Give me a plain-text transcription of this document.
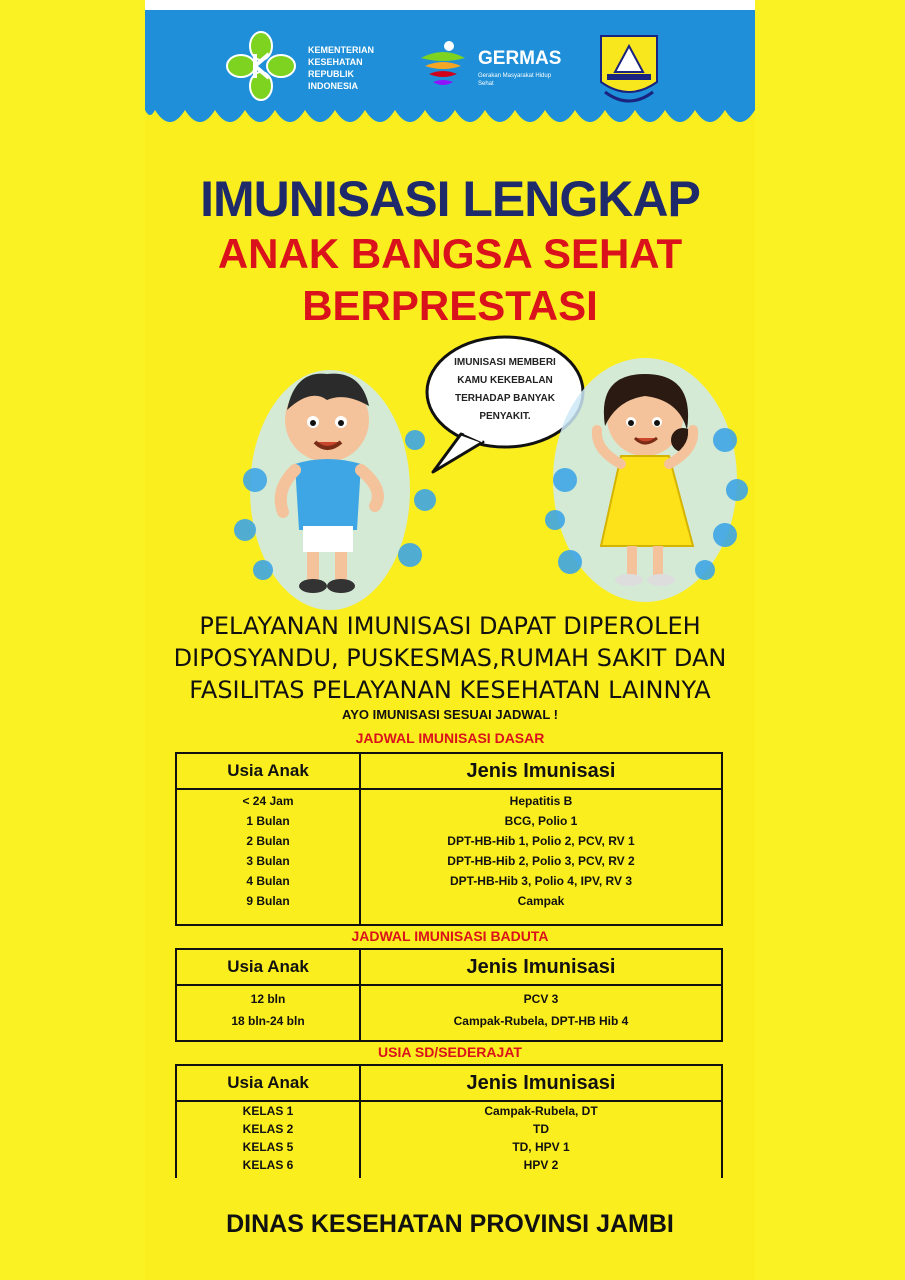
KEMENTERIAN
KESEHATAN
REPUBLIK
INDONESIA
GERMAS
Gerakan Masyarakat Hidup Sehat
IMUNISASI LENGKAP
ANAK BANGSA SEHAT
BERPRESTASI
IMUNISASI MEMBERI KAMU KEKEBALAN TERHADAP BANYAK PENYAKIT.
PELAYANAN IMUNISASI DAPAT DIPEROLEH
DIPOSYANDU, PUSKESMAS,RUMAH SAKIT DAN
FASILITAS PELAYANAN KESEHATAN LAINNYA
AYO IMUNISASI SESUAI JADWAL !
JADWAL IMUNISASI DASAR
Usia Anak	Jenis Imunisasi
< 24 Jam	Hepatitis B
1 Bulan	BCG, Polio 1
2 Bulan	DPT-HB-Hib 1, Polio 2, PCV, RV 1
3 Bulan	DPT-HB-Hib 2, Polio 3, PCV, RV 2
4 Bulan	DPT-HB-Hib 3, Polio 4, IPV, RV 3
9 Bulan	Campak
JADWAL IMUNISASI BADUTA
Usia Anak	Jenis Imunisasi
12 bln	PCV 3
18 bln-24 bln	Campak-Rubela, DPT-HB Hib 4
USIA SD/SEDERAJAT
Usia Anak	Jenis Imunisasi
KELAS 1	Campak-Rubela, DT
KELAS 2	TD
KELAS 5	TD, HPV 1
KELAS 6	HPV 2
DINAS KESEHATAN PROVINSI JAMBI
